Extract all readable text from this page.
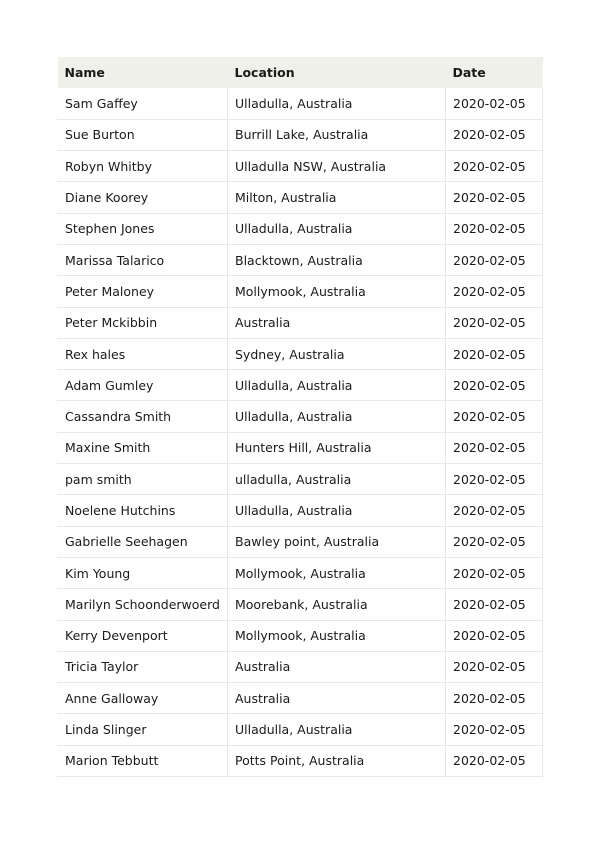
Name	Location	Date
Sam Gaffey	Ulladulla, Australia	2020-02-05
Sue Burton	Burrill Lake, Australia	2020-02-05
Robyn Whitby	Ulladulla NSW, Australia	2020-02-05
Diane Koorey	Milton, Australia	2020-02-05
Stephen Jones	Ulladulla, Australia	2020-02-05
Marissa Talarico	Blacktown, Australia	2020-02-05
Peter Maloney	Mollymook, Australia	2020-02-05
Peter Mckibbin	Australia	2020-02-05
Rex hales	Sydney, Australia	2020-02-05
Adam Gumley	Ulladulla, Australia	2020-02-05
Cassandra Smith	Ulladulla, Australia	2020-02-05
Maxine Smith	Hunters Hill, Australia	2020-02-05
pam smith	ulladulla, Australia	2020-02-05
Noelene Hutchins	Ulladulla, Australia	2020-02-05
Gabrielle Seehagen	Bawley point, Australia	2020-02-05
Kim Young	Mollymook, Australia	2020-02-05
Marilyn Schoonderwoerd	Moorebank, Australia	2020-02-05
Kerry Devenport	Mollymook, Australia	2020-02-05
Tricia Taylor	Australia	2020-02-05
Anne Galloway	Australia	2020-02-05
Linda Slinger	Ulladulla, Australia	2020-02-05
Marion Tebbutt	Potts Point, Australia	2020-02-05
